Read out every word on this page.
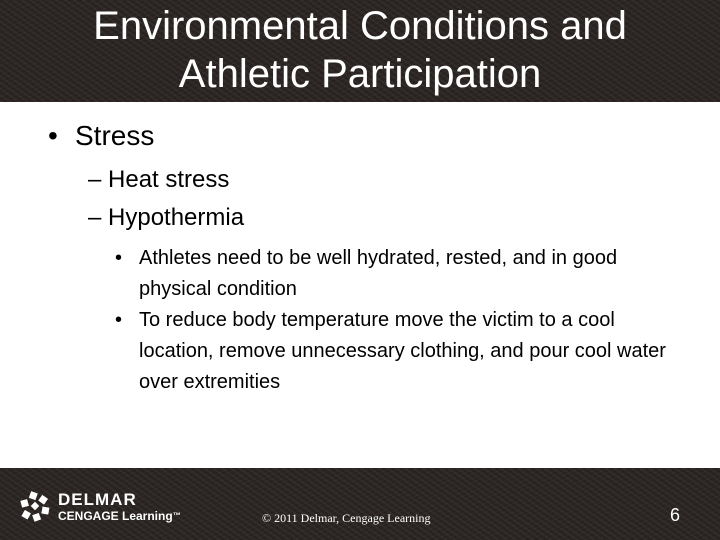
Environmental Conditions and
Athletic Participation
• Stress
– Heat stress
– Hypothermia
• Athletes need to be well hydrated, rested, and in good physical condition
• To reduce body temperature move the victim to a cool location, remove unnecessary clothing, and pour cool water over extremities
DELMAR
CENGAGE Learning™	© 2011 Delmar, Cengage Learning	6
